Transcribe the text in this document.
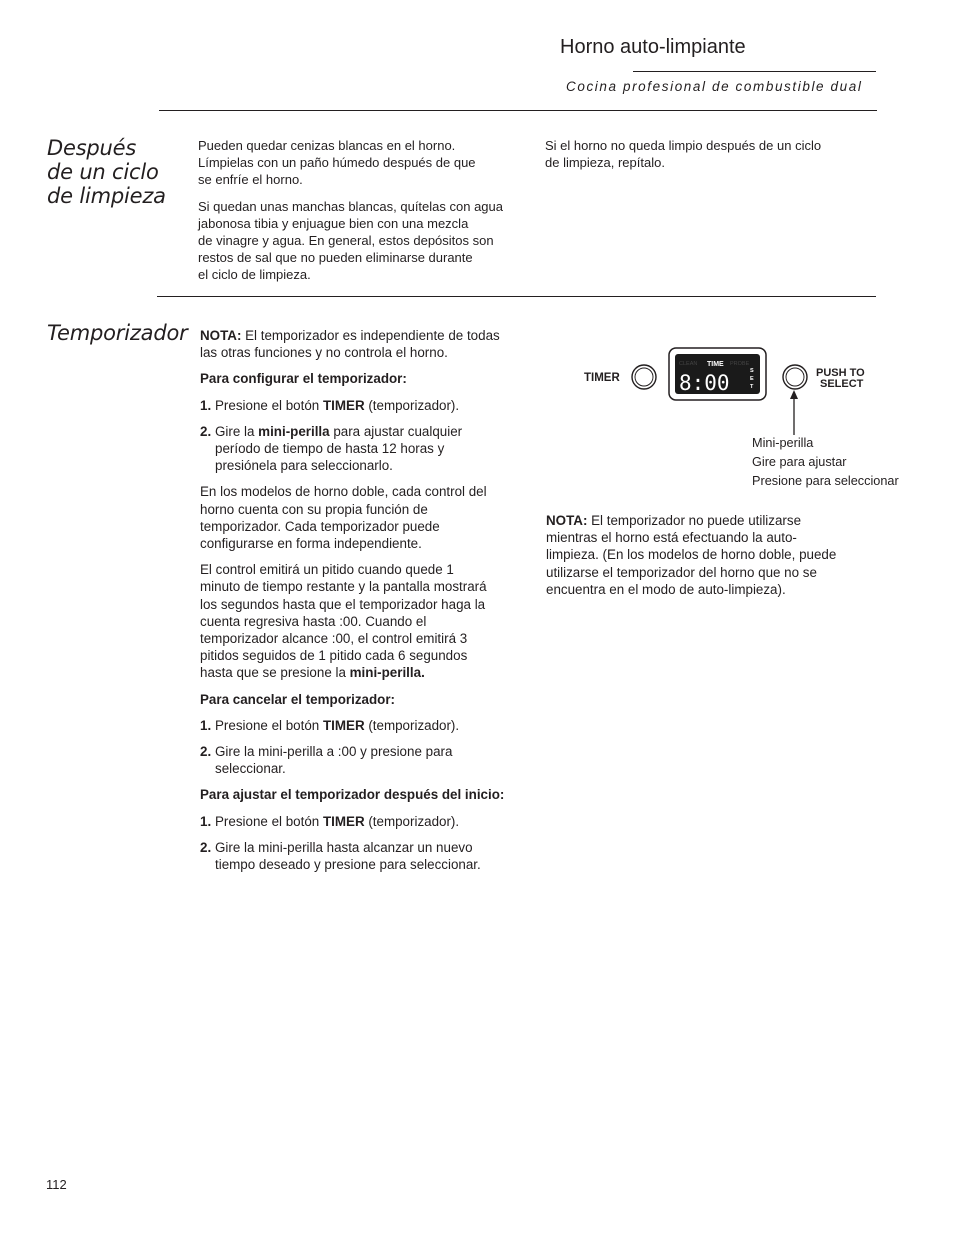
Horno auto-limpiante
Cocina profesional de combustible dual
Después
de un ciclo
de limpieza
Pueden quedar cenizas blancas en el horno.
Límpielas con un paño húmedo después de que
se enfríe el horno.
Si quedan unas manchas blancas, quítelas con agua
jabonosa tibia y enjuague bien con una mezcla
de vinagre y agua. En general, estos depósitos son
restos de sal que no pueden eliminarse durante
el ciclo de limpieza.
Si el horno no queda limpio después de un ciclo
de limpieza, repítalo.
Temporizador NOTA: El temporizador es independiente de todas
las otras funciones y no controla el horno.
Para configurar el temporizador:
1. Presione el botón TIMER (temporizador).
2. Gire la mini-perilla para ajustar cualquier
período de tiempo de hasta 12 horas y
presiónela para seleccionarlo.
En los modelos de horno doble, cada control del
horno cuenta con su propia función de
temporizador. Cada temporizador puede
configurarse en forma independiente.
El control emitirá un pitido cuando quede 1
minuto de tiempo restante y la pantalla mostrará
los segundos hasta que el temporizador haga la
cuenta regresiva hasta :00. Cuando el
temporizador alcance :00, el control emitirá 3
pitidos seguidos de 1 pitido cada 6 segundos
hasta que se presione la mini-perilla.
Para cancelar el temporizador:
1. Presione el botón TIMER (temporizador).
2. Gire la mini-perilla a :00 y presione para
seleccionar.
Para ajustar el temporizador después del inicio:
1. Presione el botón TIMER (temporizador).
2. Gire la mini-perilla hasta alcanzar un nuevo
tiempo deseado y presione para seleccionar.
TIMER
CLEAN TIME PROBE
8:00	S E T
PUSH TO
SELECT
Mini-perilla
Gire para ajustar
Presione para seleccionar
NOTA: El temporizador no puede utilizarse
mientras el horno está efectuando la auto-
limpieza. (En los modelos de horno doble, puede
utilizarse el temporizador del horno que no se
encuentra en el modo de auto-limpieza).
112
